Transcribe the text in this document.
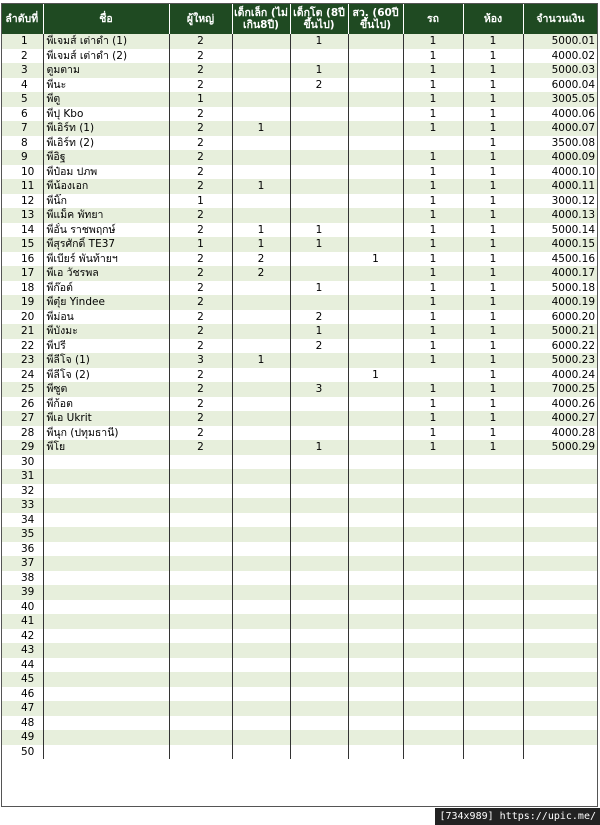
ลำดับที่	ชื่อ	ผู้ใหญ่	เด็กเล็ก (ไม่เกิน8ปี)	เด็กโต (8ปีขึ้นไป)	สว. (60ปี ขึ้นไป)	รถ	ห้อง	จำนวนเงิน
1	พี่เจมส์ เต่าดำ (1)	2		1		1	1	5000.01
2	พี่เจมส์ เต่าดำ (2)	2				1	1	4000.02
3	ตูมตาม	2		1		1	1	5000.03
4	พี่นะ	2		2		1	1	6000.04
5	พี่ตู	1				1	1	3005.05
6	พี่ปุ Kbo	2				1	1	4000.06
7	พี่เอิร์ท (1)	2	1			1	1	4000.07
8	พี่เอิร์ท (2)	2					1	3500.08
9	พี่อิฐ	2				1	1	4000.09
10	พี่ป๋อม ปภพ	2				1	1	4000.10
11	พี่น้องเอก	2	1			1	1	4000.11
12	พี่นิ๊ก	1				1	1	3000.12
13	พี่แม็ค พัทยา	2				1	1	4000.13
14	พี่อั๋น ราชพฤกษ์	2	1	1		1	1	5000.14
15	พี่สุรศักดิ์ TE37	1	1	1		1	1	4000.15
16	พี่เบียร์ พันท้ายฯ	2	2		1	1	1	4500.16
17	พี่เอ วัชรพล	2	2			1	1	4000.17
18	พี่ก๊อต์	2		1		1	1	5000.18
19	พี่ตุ๋ย Yindee	2				1	1	4000.19
20	พี่ม่อน	2		2		1	1	6000.20
21	พี่บังมะ	2		1		1	1	5000.21
22	พี่ปรี	2		2		1	1	6000.22
23	พี่ลีโจ (1)	3	1			1	1	5000.23
24	พี่ลีโจ (2)	2			1		1	4000.24
25	พี่ซูต	2		3		1	1	7000.25
26	พี่ก้อต	2				1	1	4000.26
27	พี่เอ Ukrit	2				1	1	4000.27
28	พี่นุก (ปทุมธานี)	2				1	1	4000.28
29	พี่โย	2		1		1	1	5000.29
30								
31								
32								
33								
34								
35								
36								
37								
38								
39								
40								
41								
42								
43								
44								
45								
46								
47								
48								
49								
50								
[734x989] https://upic.me/
